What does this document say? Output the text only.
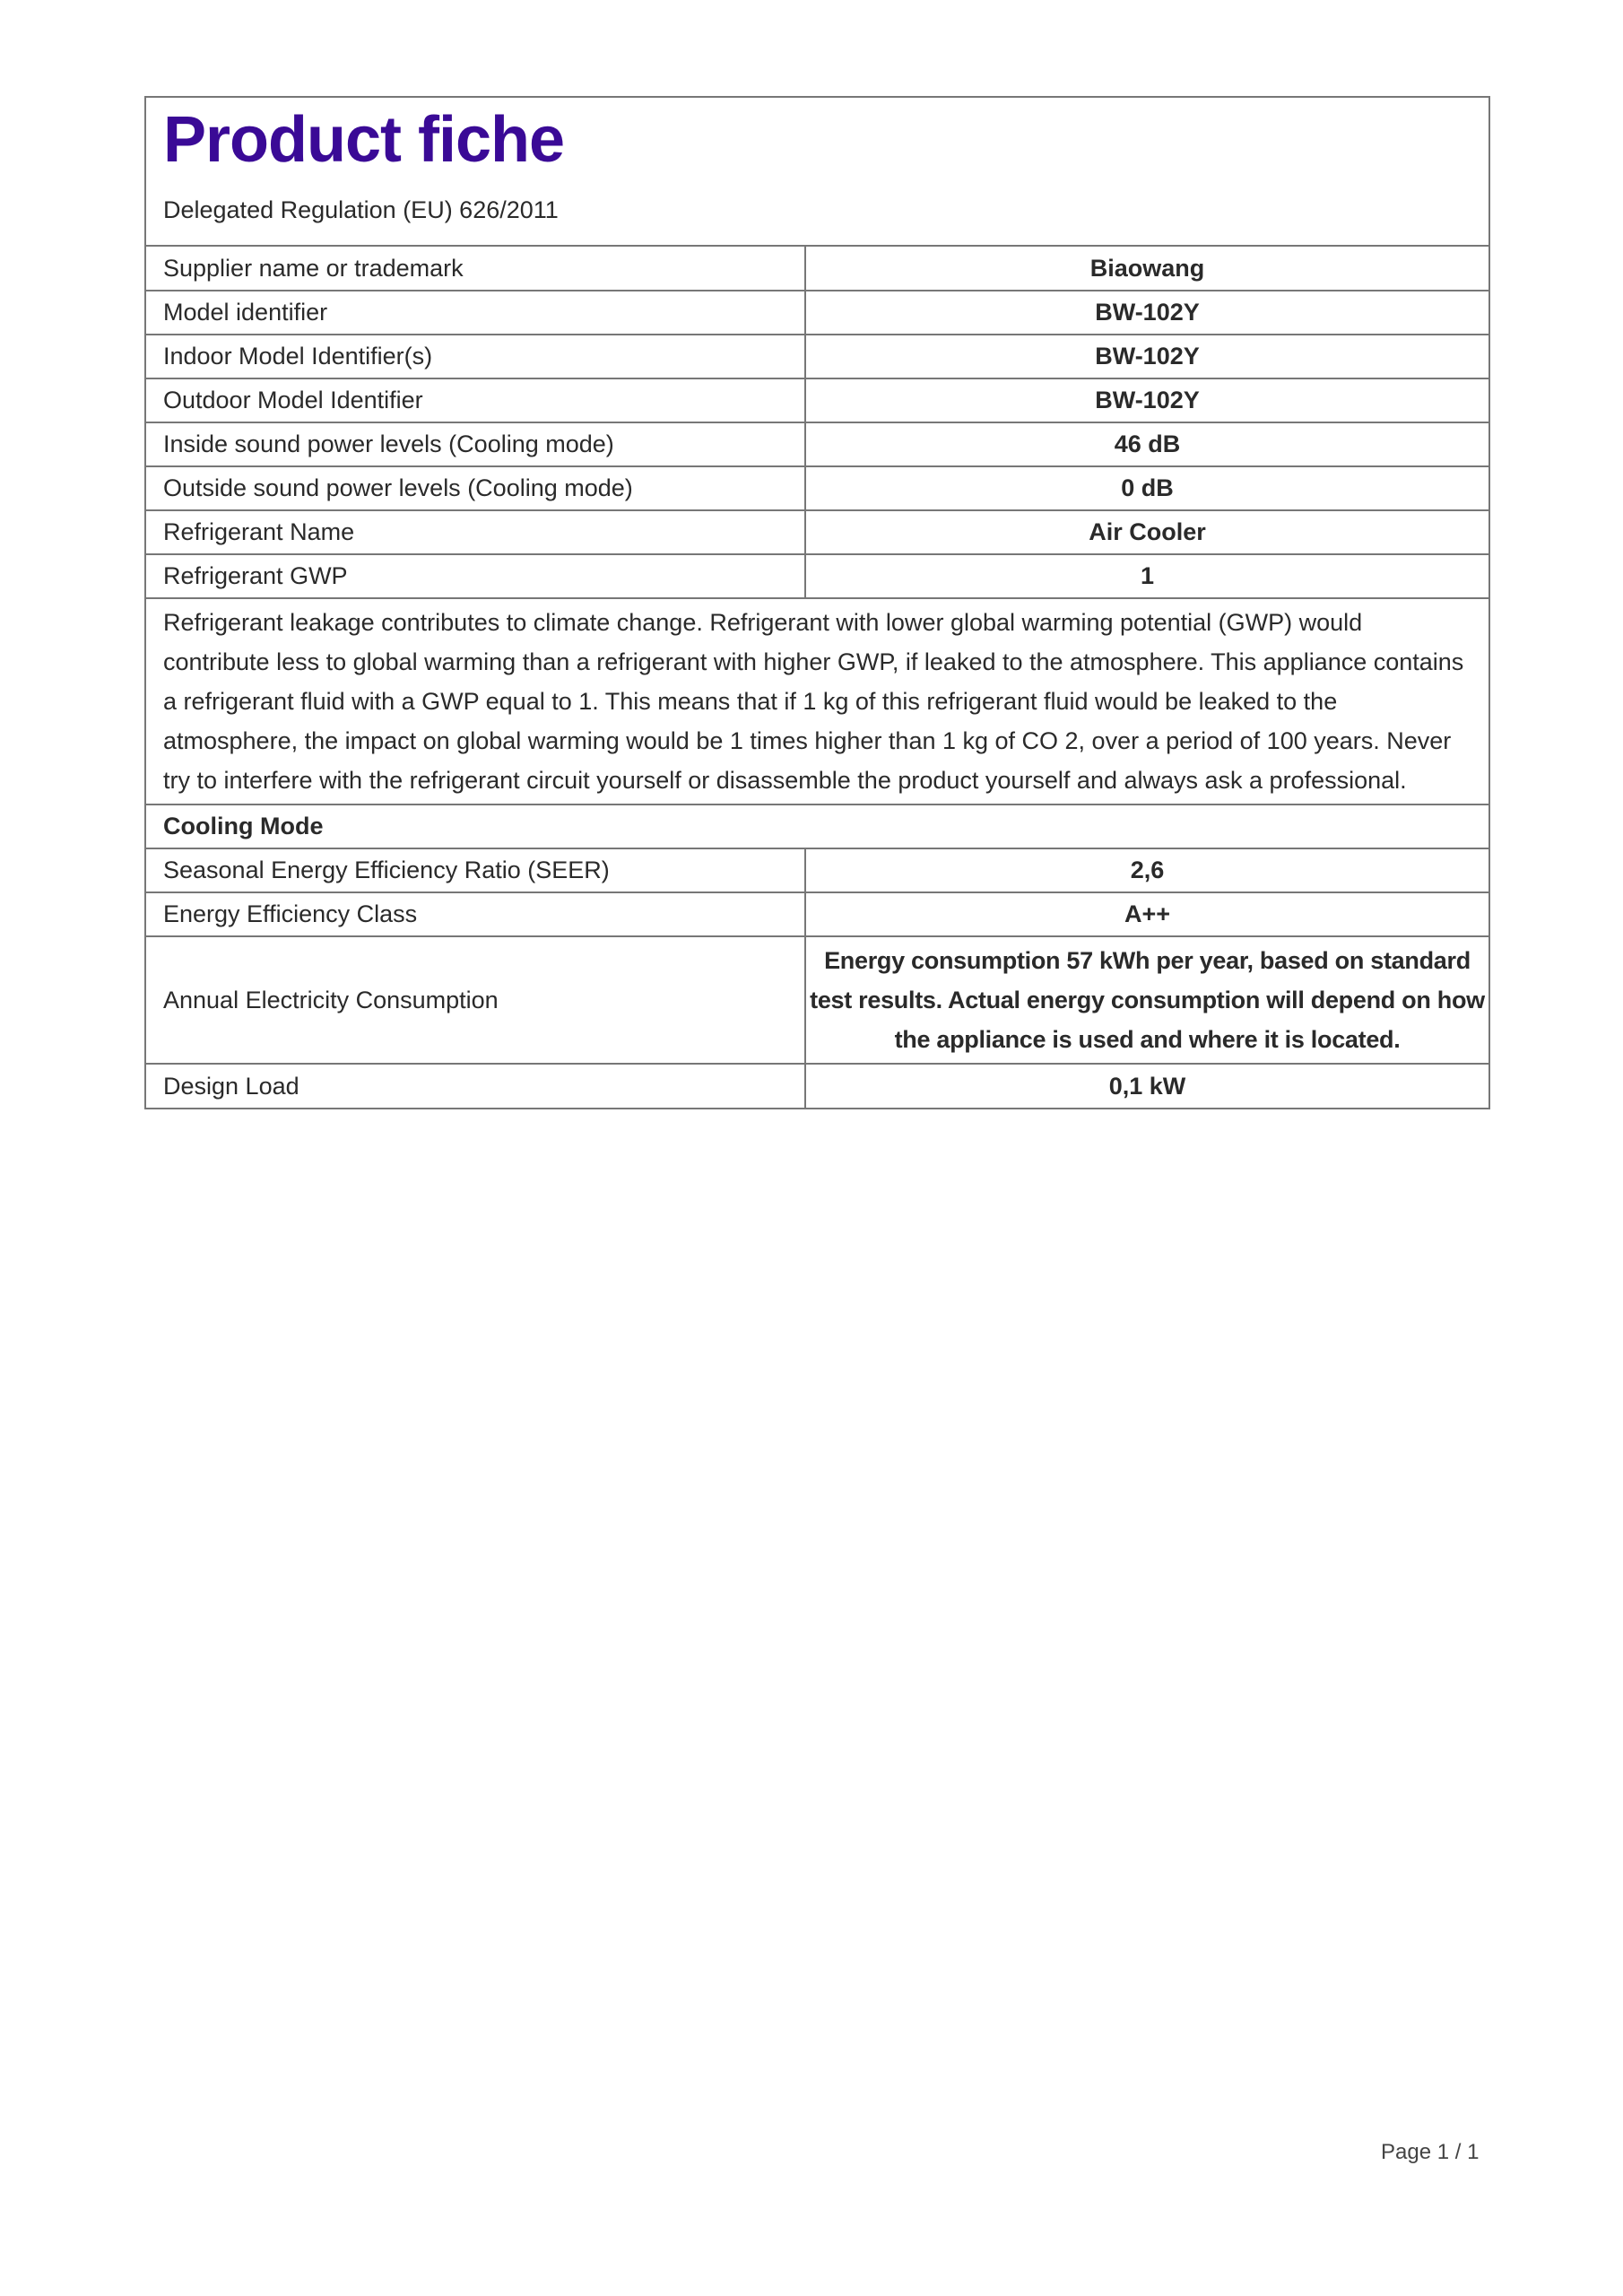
Product fiche
Delegated Regulation (EU) 626/2011
Supplier name or trademark	Biaowang
Model identifier	BW-102Y
Indoor Model Identifier(s)	BW-102Y
Outdoor Model Identifier	BW-102Y
Inside sound power levels (Cooling mode)	46 dB
Outside sound power levels (Cooling mode)	0 dB
Refrigerant Name	Air Cooler
Refrigerant GWP	1
Refrigerant leakage contributes to climate change. Refrigerant with lower global warming potential (GWP) would contribute less to global warming than a refrigerant with higher GWP, if leaked to the atmosphere. This appliance contains a refrigerant fluid with a GWP equal to 1. This means that if 1 kg of this refrigerant fluid would be leaked to the atmosphere, the impact on global warming would be 1 times higher than 1 kg of CO 2, over a period of 100 years. Never try to interfere with the refrigerant circuit yourself or disassemble the product yourself and always ask a professional.	
Cooling Mode	
Seasonal Energy Efficiency Ratio (SEER)	2,6
Energy Efficiency Class	A++
Annual Electricity Consumption	Energy consumption 57 kWh per year, based on standard test results. Actual energy consumption will depend on how the appliance is used and where it is located.
Design Load	0,1 kW
Page 1 / 1
